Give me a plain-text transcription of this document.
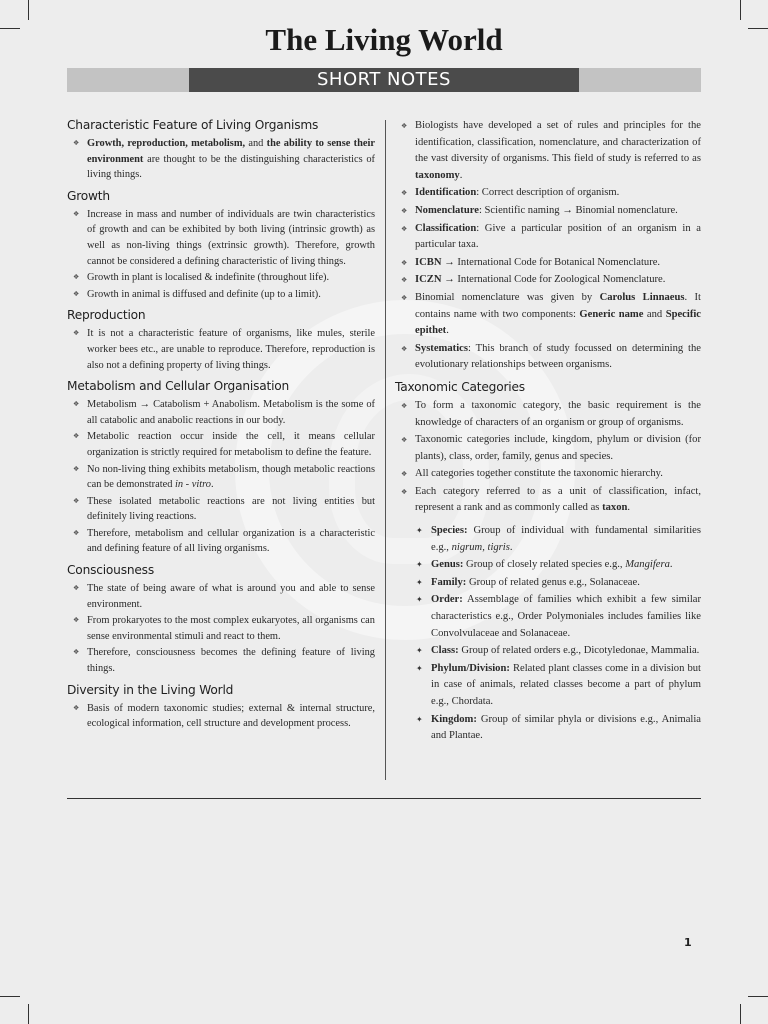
The Living World
SHORT NOTES
Characteristic Feature of Living Organisms
❖ Growth, reproduction, metabolism, and the ability to sense their environment are thought to be the distinguishing characteristics of living things.
Growth
❖ Increase in mass and number of individuals are twin characteristics of growth and can be exhibited by both living (intrinsic growth) as well as non-living things (extrinsic growth). Therefore, growth cannot be considered a defining characteristic of living things.
❖ Growth in plant is localised & indefinite (throughout life).
❖ Growth in animal is diffused and definite (up to a limit).
Reproduction
❖ It is not a characteristic feature of organisms, like mules, sterile worker bees etc., are unable to reproduce. Therefore, reproduction is also not a defining property of living things.
Metabolism and Cellular Organisation
❖ Metabolism → Catabolism + Anabolism. Metabolism is the some of all catabolic and anabolic reactions in our body.
❖ Metabolic reaction occur inside the cell, it means cellular organization is strictly required for metabolism to define the feature.
❖ No non-living thing exhibits metabolism, though metabolic reactions can be demonstrated in - vitro.
❖ These isolated metabolic reactions are not living entities but definitely living reactions.
❖ Therefore, metabolism and cellular organization is a characteristic and defining feature of all living organisms.
Consciousness
❖ The state of being aware of what is around you and able to sense environment.
❖ From prokaryotes to the most complex eukaryotes, all organisms can sense environmental stimuli and react to them.
❖ Therefore, consciousness becomes the defining feature of living things.
Diversity in the Living World
❖ Basis of modern taxonomic studies; external & internal structure, ecological information, cell structure and development process.
❖ Biologists have developed a set of rules and principles for the identification, classification, nomenclature, and characterization of the vast diversity of organisms. This field of study is referred to as taxonomy.
❖ Identification: Correct description of organism.
❖ Nomenclature: Scientific naming → Binomial nomenclature.
❖ Classification: Give a particular position of an organism in a particular taxa.
❖ ICBN → International Code for Botanical Nomenclature.
❖ ICZN → International Code for Zoological Nomenclature.
❖ Binomial nomenclature was given by Carolus Linnaeus. It contains name with two components: Generic name and Specific epithet.
❖ Systematics: This branch of study focussed on determining the evolutionary relationships between organisms.
Taxonomic Categories
❖ To form a taxonomic category, the basic requirement is the knowledge of characters of an organism or group of organisms.
❖ Taxonomic categories include, kingdom, phylum or division (for plants), class, order, family, genus and species.
❖ All categories together constitute the taxonomic hierarchy.
❖ Each category referred to as a unit of classification, infact, represent a rank and as commonly called as taxon.
✦ Species: Group of individual with fundamental similarities e.g., nigrum, tigris.
✦ Genus: Group of closely related species e.g., Mangifera.
✦ Family: Group of related genus e.g., Solanaceae.
✦ Order: Assemblage of families which exhibit a few similar characteristics e.g., Order Polymoniales includes families like Convolvulaceae and Solanaceae.
✦ Class: Group of related orders e.g., Dicotyledonae, Mammalia.
✦ Phylum/Division: Related plant classes come in a division but in case of animals, related classes become a part of phylum e.g., Chordata.
✦ Kingdom: Group of similar phyla or divisions e.g., Animalia and Plantae.
1
